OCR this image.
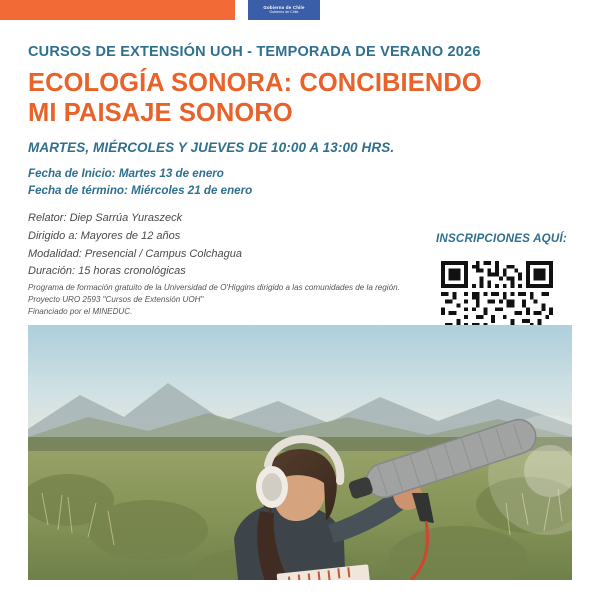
Gobierno de Chile
Gobierno de Chile
CURSOS DE EXTENSIÓN UOH - TEMPORADA DE VERANO 2026
ECOLOGÍA SONORA: CONCIBIENDO
MI PAISAJE SONORO
MARTES, MIÉRCOLES Y JUEVES DE 10:00 A 13:00 HRS.
Fecha de Inicio: Martes 13 de enero
Fecha de término: Miércoles 21 de enero
Relator: Diep Sarrúa Yuraszeck
Dirigido a: Mayores de 12 años
Modalidad: Presencial / Campus Colchagua
Duración: 15 horas cronológicas
Programa de formación gratuito de la Universidad de O'Higgins dirigido a las comunidades de la región.
Proyecto URO 2593 "Cursos de Extensión UOH"
Financiado por el MINEDUC.
INSCRIPCIONES AQUÍ:
